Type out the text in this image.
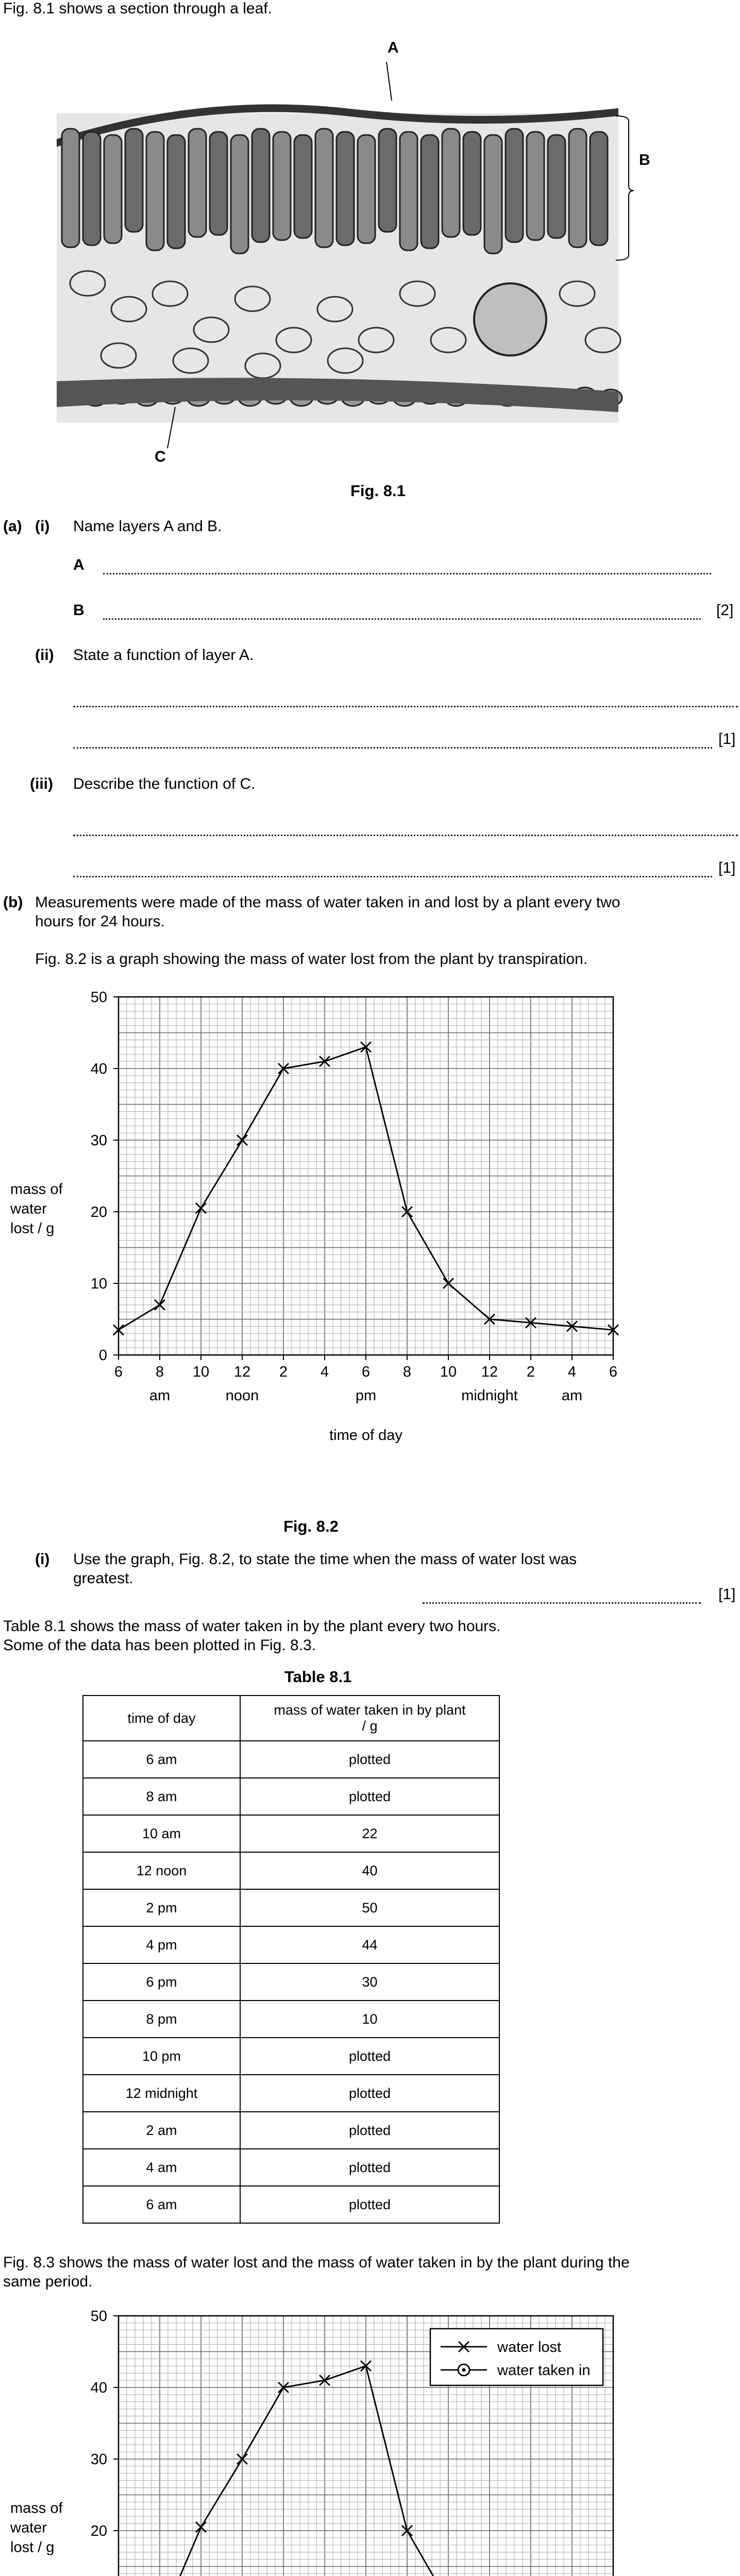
Fig. 8.1 shows a section through a leaf.
A
B
C
Fig. 8.1
(a) (i) Name layers A and B.
A
B	[2]
(ii) State a function of layer A.
[1]
(iii) Describe the function of C.
[1]
(b) Measurements were made of the mass of water taken in and lost by a plant every two
hours for 24 hours.
Fig. 8.2 is a graph showing the mass of water lost from the plant by transpiration.
0
10
20
30
40
50
6 8 10 12 2 4 6 8 10 12 2 4 6
am	noon	pm	midnight	am
time of day
mass of
water
lost / g
Fig. 8.2
(i) Use the graph, Fig. 8.2, to state the time when the mass of water lost was
greatest.
[1]
Table 8.1 shows the mass of water taken in by the plant every two hours.
Some of the data has been plotted in Fig. 8.3.
Table 8.1
time of day	mass of water taken in by plant
/ g
6 am	plotted
8 am	plotted
10 am	22
12 noon	40
2 pm	50
4 pm	44
6 pm	30
8 pm	10
10 pm	plotted
12 midnight	plotted
2 am	plotted
4 am	plotted
6 am	plotted
Fig. 8.3 shows the mass of water lost and the mass of water taken in by the plant during the
same period.
20
30
40
50
mass of
water
lost / g
water lost
water taken in
